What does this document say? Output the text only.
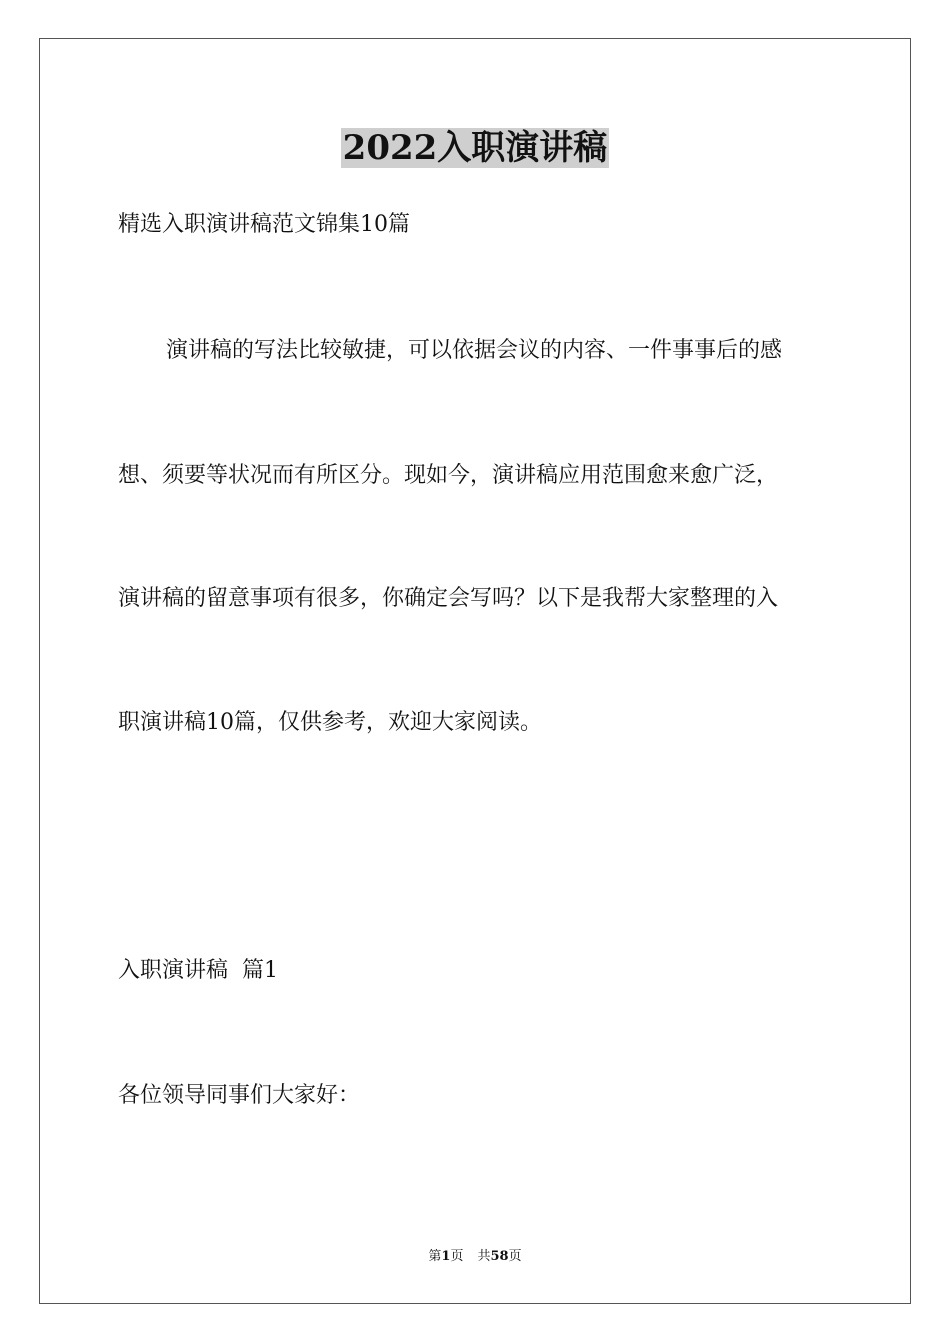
2022入职演讲稿
精选入职演讲稿范文锦集10篇
演讲稿的写法比较敏捷，可以依据会议的内容、一件事事后的感
想、须要等状况而有所区分。现如今，演讲稿应用范围愈来愈广泛，
演讲稿的留意事项有很多，你确定会写吗？以下是我帮大家整理的入
职演讲稿10篇，仅供参考，欢迎大家阅读。
入职演讲稿  篇1
各位领导同事们大家好：
第1页 共58页
